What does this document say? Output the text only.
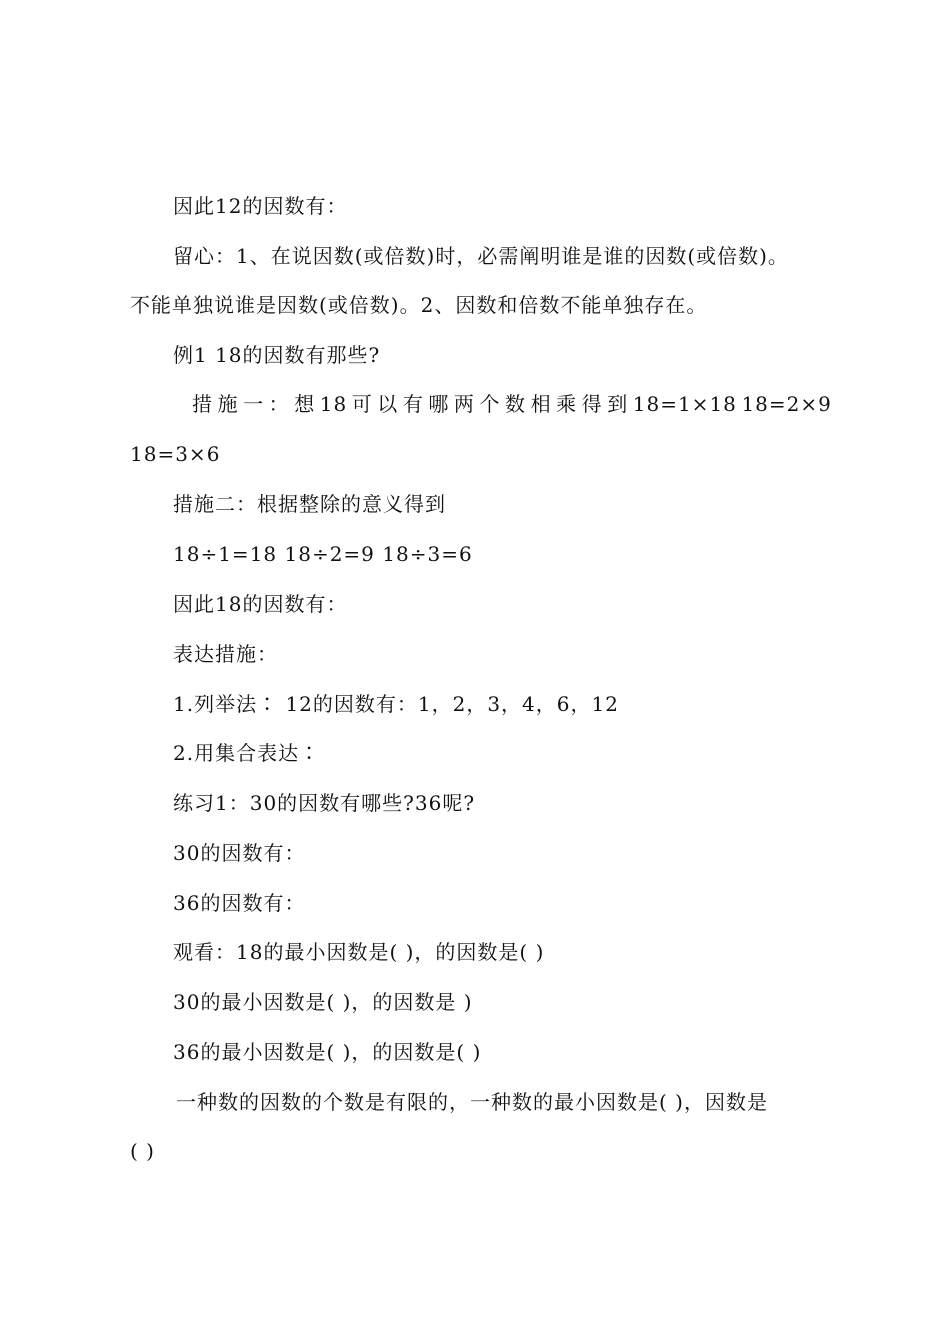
因此12的因数有：
留心：1、在说因数(或倍数)时，必需阐明谁是谁的因数(或倍数)。
不能单独说谁是因数(或倍数)。2、因数和倍数不能单独存在。
例1 18的因数有那些?
措 施 一 ： 想 18 可 以 有 哪 两 个 数 相 乘 得 到 18=1×18 18=2×9
18=3×6
措施二：根据整除的意义得到
18÷1=18 18÷2=9 18÷3=6
因此18的因数有：
表达措施：
1.列举法∶ 12的因数有：1，2，3，4，6，12
2.用集合表达∶
练习1：30的因数有哪些?36呢?
30的因数有：
36的因数有：
观看：18的最小因数是( )，的因数是( )
30的最小因数是( )，的因数是 )
36的最小因数是( )，的因数是( )
一种数的因数的个数是有限的，一种数的最小因数是( )，因数是
( )
